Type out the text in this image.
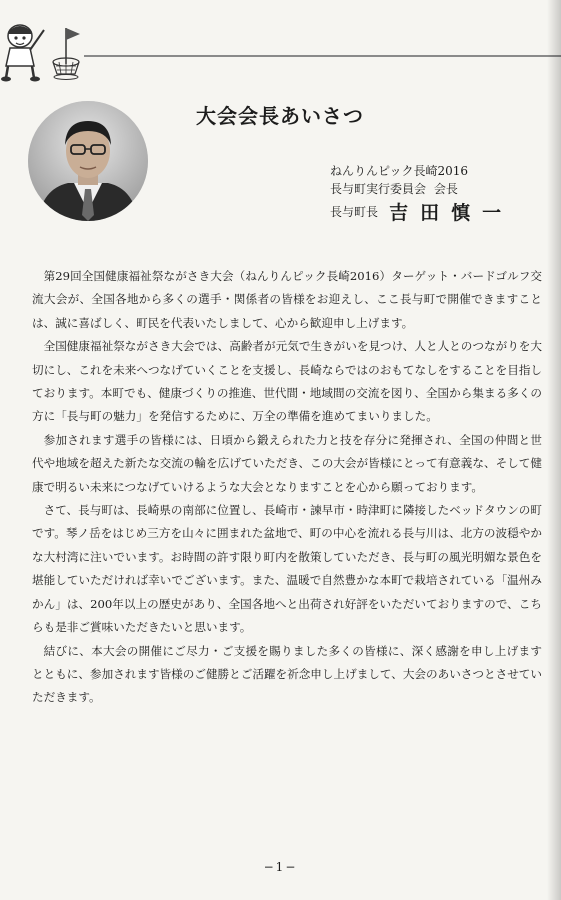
大会会長あいさつ
ねんりんピック長崎2016
長与町実行委員会 会長
長与町長 吉田慎一

第29回全国健康福祉祭ながさき大会（ねんりんピック長崎2016）ターゲット・バードゴルフ交流大会が、全国各地から多くの選手・関係者の皆様をお迎えし、ここ長与町で開催できますことは、誠に喜ばしく、町民を代表いたしまして、心から歓迎申し上げます。

全国健康福祉祭ながさき大会では、高齢者が元気で生きがいを見つけ、人と人とのつながりを大切にし、これを未来へつなげていくことを支援し、長崎ならではのおもてなしをすることを目指しております。本町でも、健康づくりの推進、世代間・地域間の交流を図り、全国から集まる多くの方に「長与町の魅力」を発信するために、万全の準備を進めてまいりました。

参加されます選手の皆様には、日頃から鍛えられた力と技を存分に発揮され、全国の仲間と世代や地域を超えた新たな交流の輪を広げていただき、この大会が皆様にとって有意義な、そして健康で明るい未来につなげていけるような大会となりますことを心から願っております。

さて、長与町は、長崎県の南部に位置し、長崎市・諫早市・時津町に隣接したベッドタウンの町です。琴ノ岳をはじめ三方を山々に囲まれた盆地で、町の中心を流れる長与川は、北方の波穏やかな大村湾に注いでいます。お時間の許す限り町内を散策していただき、長与町の風光明媚な景色を堪能していただければ幸いでございます。また、温暖で自然豊かな本町で栽培されている「温州みかん」は、200年以上の歴史があり、全国各地へと出荷され好評をいただいておりますので、こちらも是非ご賞味いただきたいと思います。

結びに、本大会の開催にご尽力・ご支援を賜りました多くの皆様に、深く感謝を申し上げますとともに、参加されます皆様のご健勝とご活躍を祈念申し上げまして、大会のあいさつとさせていただきます。

−1−
